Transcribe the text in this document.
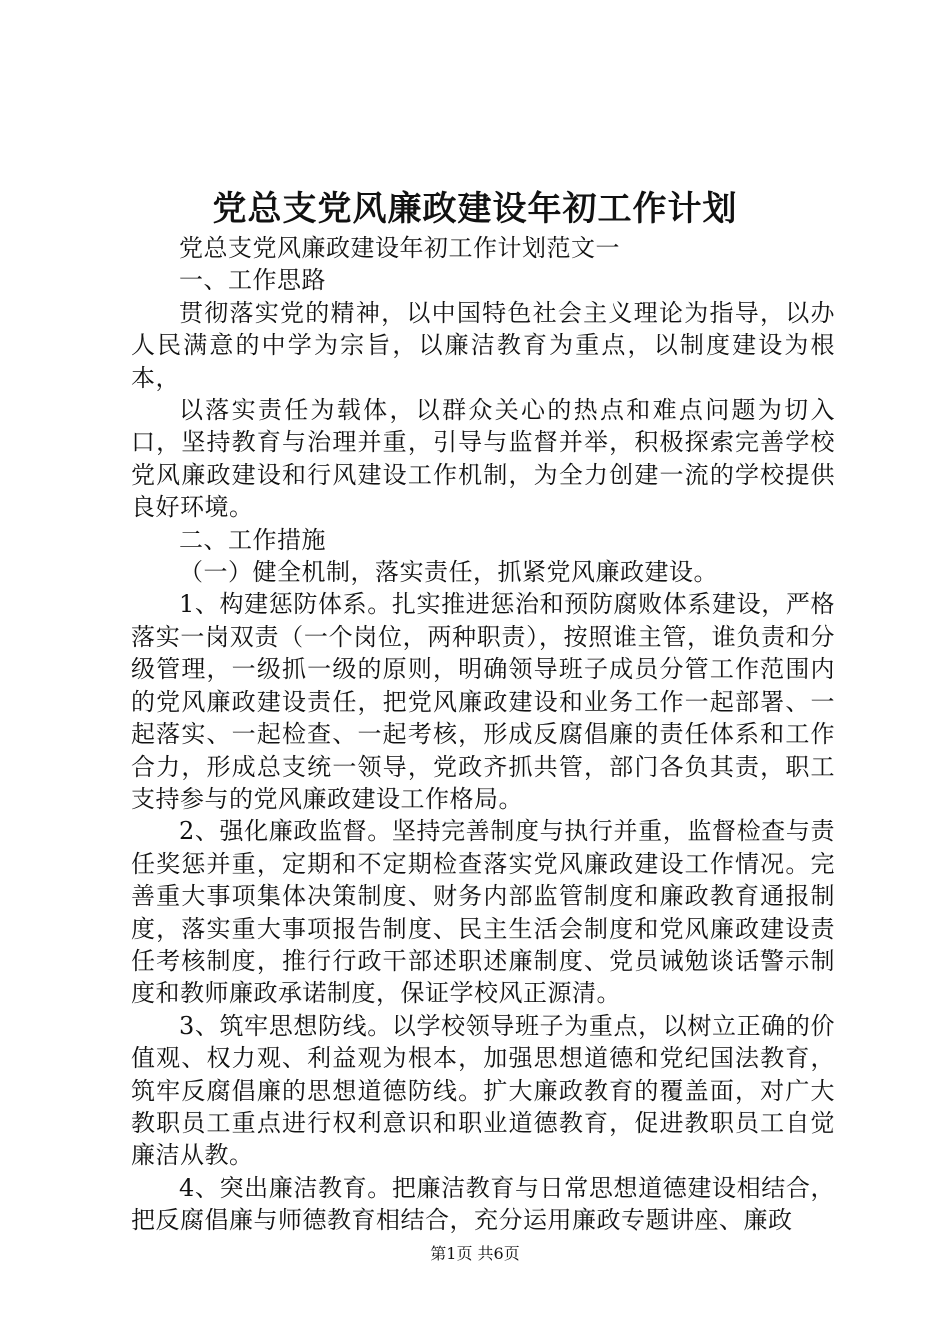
党总支党风廉政建设年初工作计划

党总支党风廉政建设年初工作计划范文一

一、工作思路

贯彻落实党的精神，以中国特色社会主义理论为指导，以办人民满意的中学为宗旨，以廉洁教育为重点，以制度建设为根本，

以落实责任为载体，以群众关心的热点和难点问题为切入口，坚持教育与治理并重，引导与监督并举，积极探索完善学校党风廉政建设和行风建设工作机制，为全力创建一流的学校提供良好环境。

二、工作措施

（一）健全机制，落实责任，抓紧党风廉政建设。

1、构建惩防体系。扎实推进惩治和预防腐败体系建设，严格落实一岗双责（一个岗位，两种职责），按照谁主管，谁负责和分级管理，一级抓一级的原则，明确领导班子成员分管工作范围内的党风廉政建设责任，把党风廉政建设和业务工作一起部署、一起落实、一起检查、一起考核，形成反腐倡廉的责任体系和工作合力，形成总支统一领导，党政齐抓共管，部门各负其责，职工支持参与的党风廉政建设工作格局。

2、强化廉政监督。坚持完善制度与执行并重，监督检查与责任奖惩并重，定期和不定期检查落实党风廉政建设工作情况。完善重大事项集体决策制度、财务内部监管制度和廉政教育通报制度，落实重大事项报告制度、民主生活会制度和党风廉政建设责任考核制度，推行行政干部述职述廉制度、党员诫勉谈话警示制度和教师廉政承诺制度，保证学校风正源清。

3、筑牢思想防线。以学校领导班子为重点，以树立正确的价值观、权力观、利益观为根本，加强思想道德和党纪国法教育，筑牢反腐倡廉的思想道德防线。扩大廉政教育的覆盖面，对广大教职员工重点进行权利意识和职业道德教育，促进教职员工自觉廉洁从教。

4、突出廉洁教育。把廉洁教育与日常思想道德建设相结合，把反腐倡廉与师德教育相结合，充分运用廉政专题讲座、廉政

第1页 共6页
